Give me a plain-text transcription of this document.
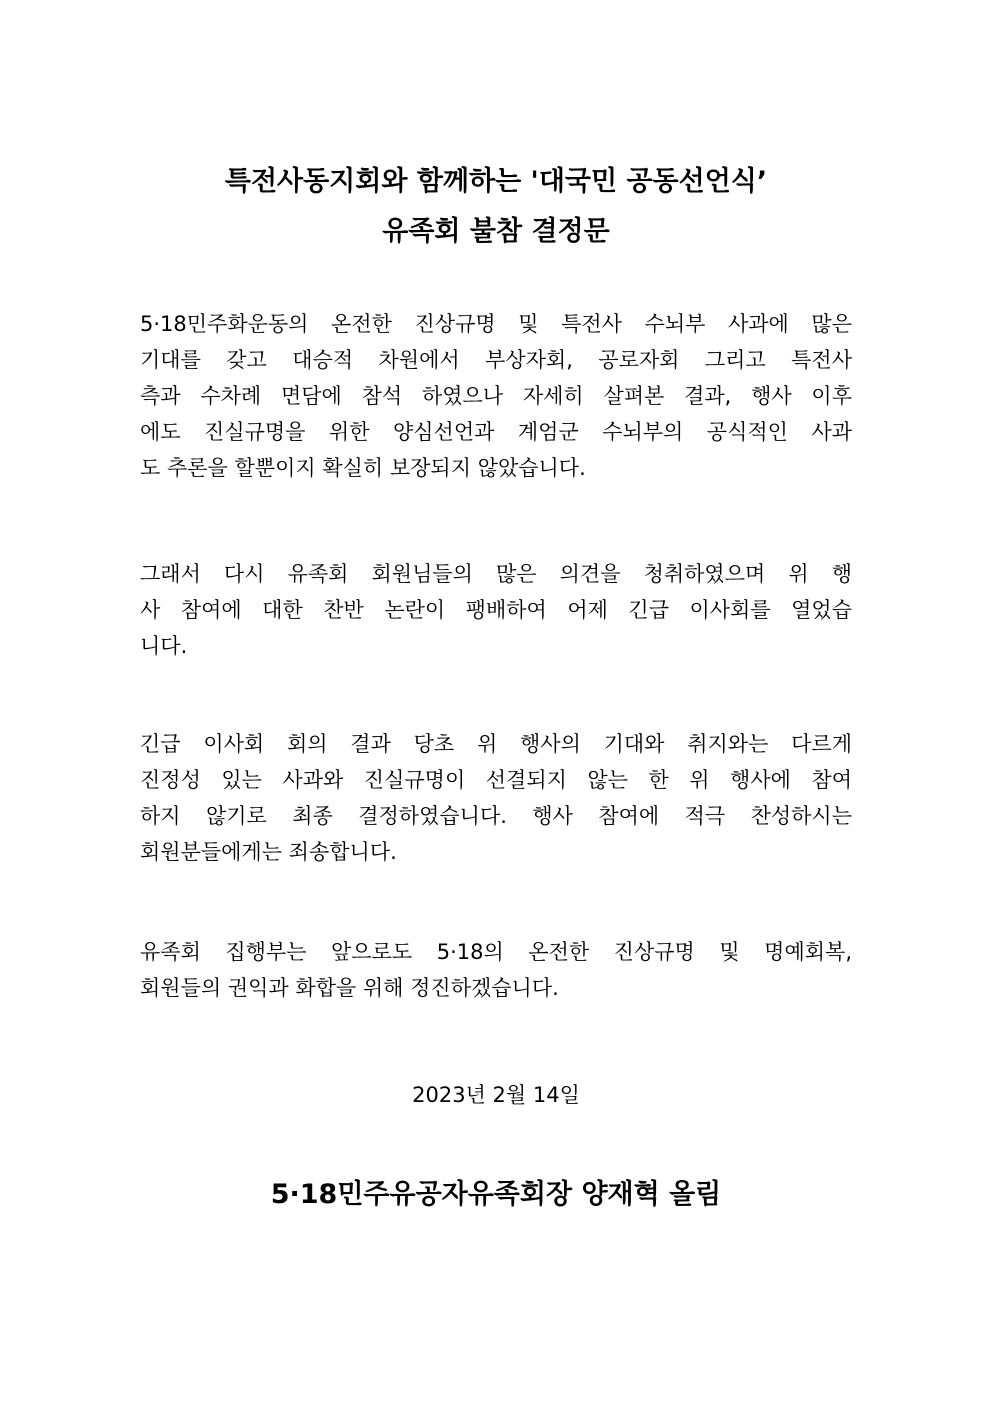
특전사동지회와 함께하는 '대국민 공동선언식’
유족회 불참 결정문
5·18민주화운동의 온전한 진상규명 및 특전사 수뇌부 사과에 많은
기대를 갖고 대승적 차원에서 부상자회, 공로자회 그리고 특전사
측과 수차례 면담에 참석 하였으나 자세히 살펴본 결과, 행사 이후
에도 진실규명을 위한 양심선언과 계엄군 수뇌부의 공식적인 사과
도 추론을 할뿐이지 확실히 보장되지 않았습니다.
그래서 다시 유족회 회원님들의 많은 의견을 청취하였으며 위 행
사 참여에 대한 찬반 논란이 팽배하여 어제 긴급 이사회를 열었습
니다.
긴급 이사회 회의 결과 당초 위 행사의 기대와 취지와는 다르게
진정성 있는 사과와 진실규명이 선결되지 않는 한 위 행사에 참여
하지 않기로 최종 결정하였습니다. 행사 참여에 적극 찬성하시는
회원분들에게는 죄송합니다.
유족회 집행부는 앞으로도 5·18의 온전한 진상규명 및 명예회복,
회원들의 권익과 화합을 위해 정진하겠습니다.
2023년 2월 14일
5·18민주유공자유족회장 양재혁 올림
